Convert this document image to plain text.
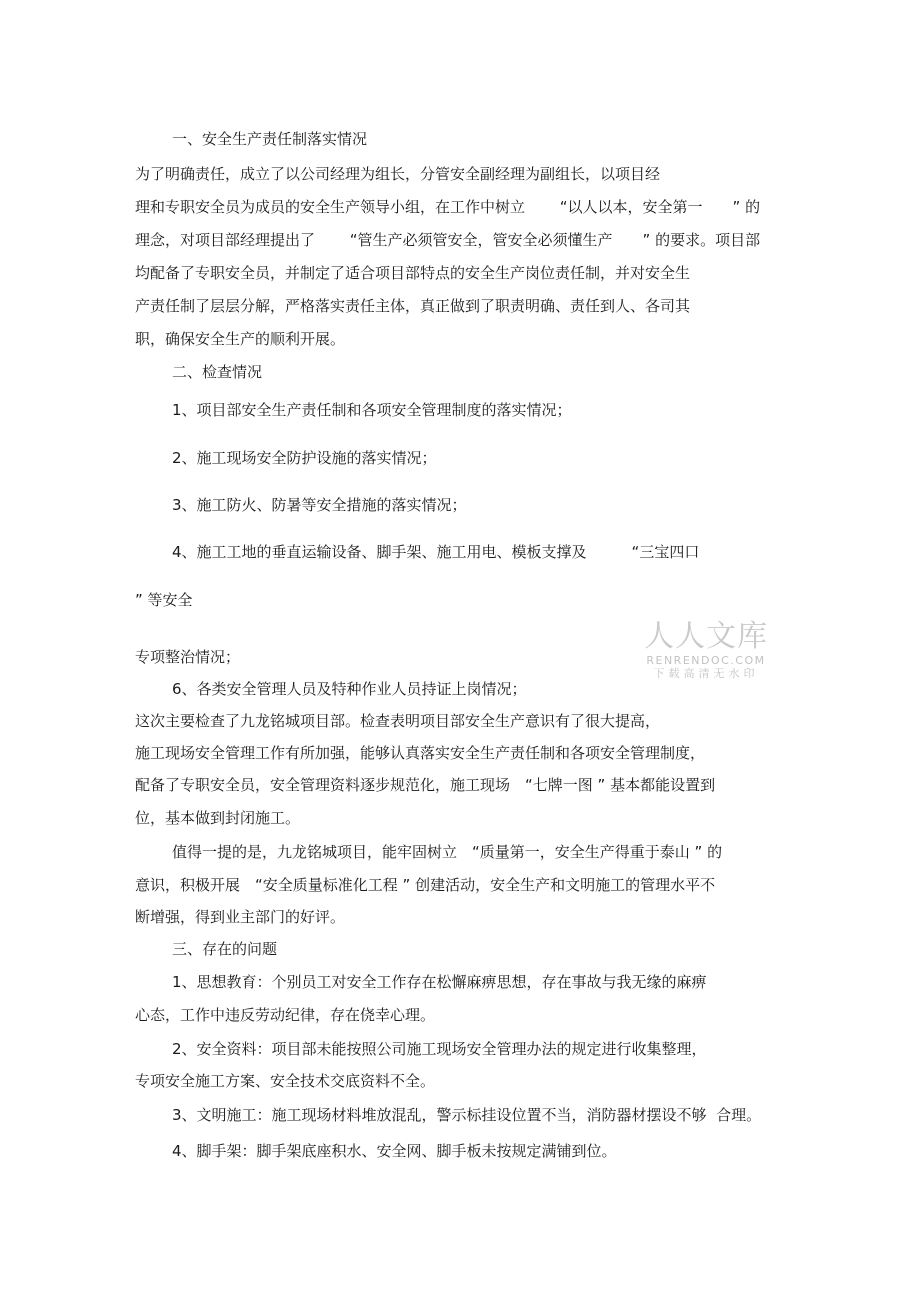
一、安全生产责任制落实情况
为了明确责任，成立了以公司经理为组长，分管安全副经理为副组长，以项目经
理和专职安全员为成员的安全生产领导小组，在工作中树立　　 “以人以本，安全第一　　” 的
理念，对项目部经理提出了　　 “管生产必须管安全，管安全必须懂生产　　” 的要求。项目部
均配备了专职安全员，并制定了适合项目部特点的安全生产岗位责任制，并对安全生
产责任制了层层分解，严格落实责任主体，真正做到了职责明确、责任到人、各司其
职，确保安全生产的顺利开展。
二、检查情况
1、项目部安全生产责任制和各项安全管理制度的落实情况；
2、施工现场安全防护设施的落实情况；
3、施工防火、防暑等安全措施的落实情况；
4、施工工地的垂直运输设备、脚手架、施工用电、模板支撑及　　　“三宝四口
” 等安全
专项整治情况；
6、各类安全管理人员及特种作业人员持证上岗情况；
这次主要检查了九龙铭城项目部。检查表明项目部安全生产意识有了很大提高，
施工现场安全管理工作有所加强，能够认真落实安全生产责任制和各项安全管理制度，
配备了专职安全员，安全管理资料逐步规范化，施工现场　“七牌一图 ” 基本都能设置到
位，基本做到封闭施工。
值得一提的是，九龙铭城项目，能牢固树立　“质量第一，安全生产得重于泰山 ” 的
意识，积极开展　“安全质量标准化工程 ” 创建活动，安全生产和文明施工的管理水平不
断增强，得到业主部门的好评。
三、存在的问题
1、思想教育：个别员工对安全工作存在松懈麻痹思想，存在事故与我无缘的麻痹
心态，工作中违反劳动纪律，存在侥幸心理。
2、安全资料：项目部未能按照公司施工现场安全管理办法的规定进行收集整理，
专项安全施工方案、安全技术交底资料不全。
3、文明施工：施工现场材料堆放混乱，警示标挂设位置不当，消防器材摆设不够  合理。
4、脚手架：脚手架底座积水、安全网、脚手板未按规定满铺到位。
人人文库
RENRENDOC.COM
下载高清无水印
